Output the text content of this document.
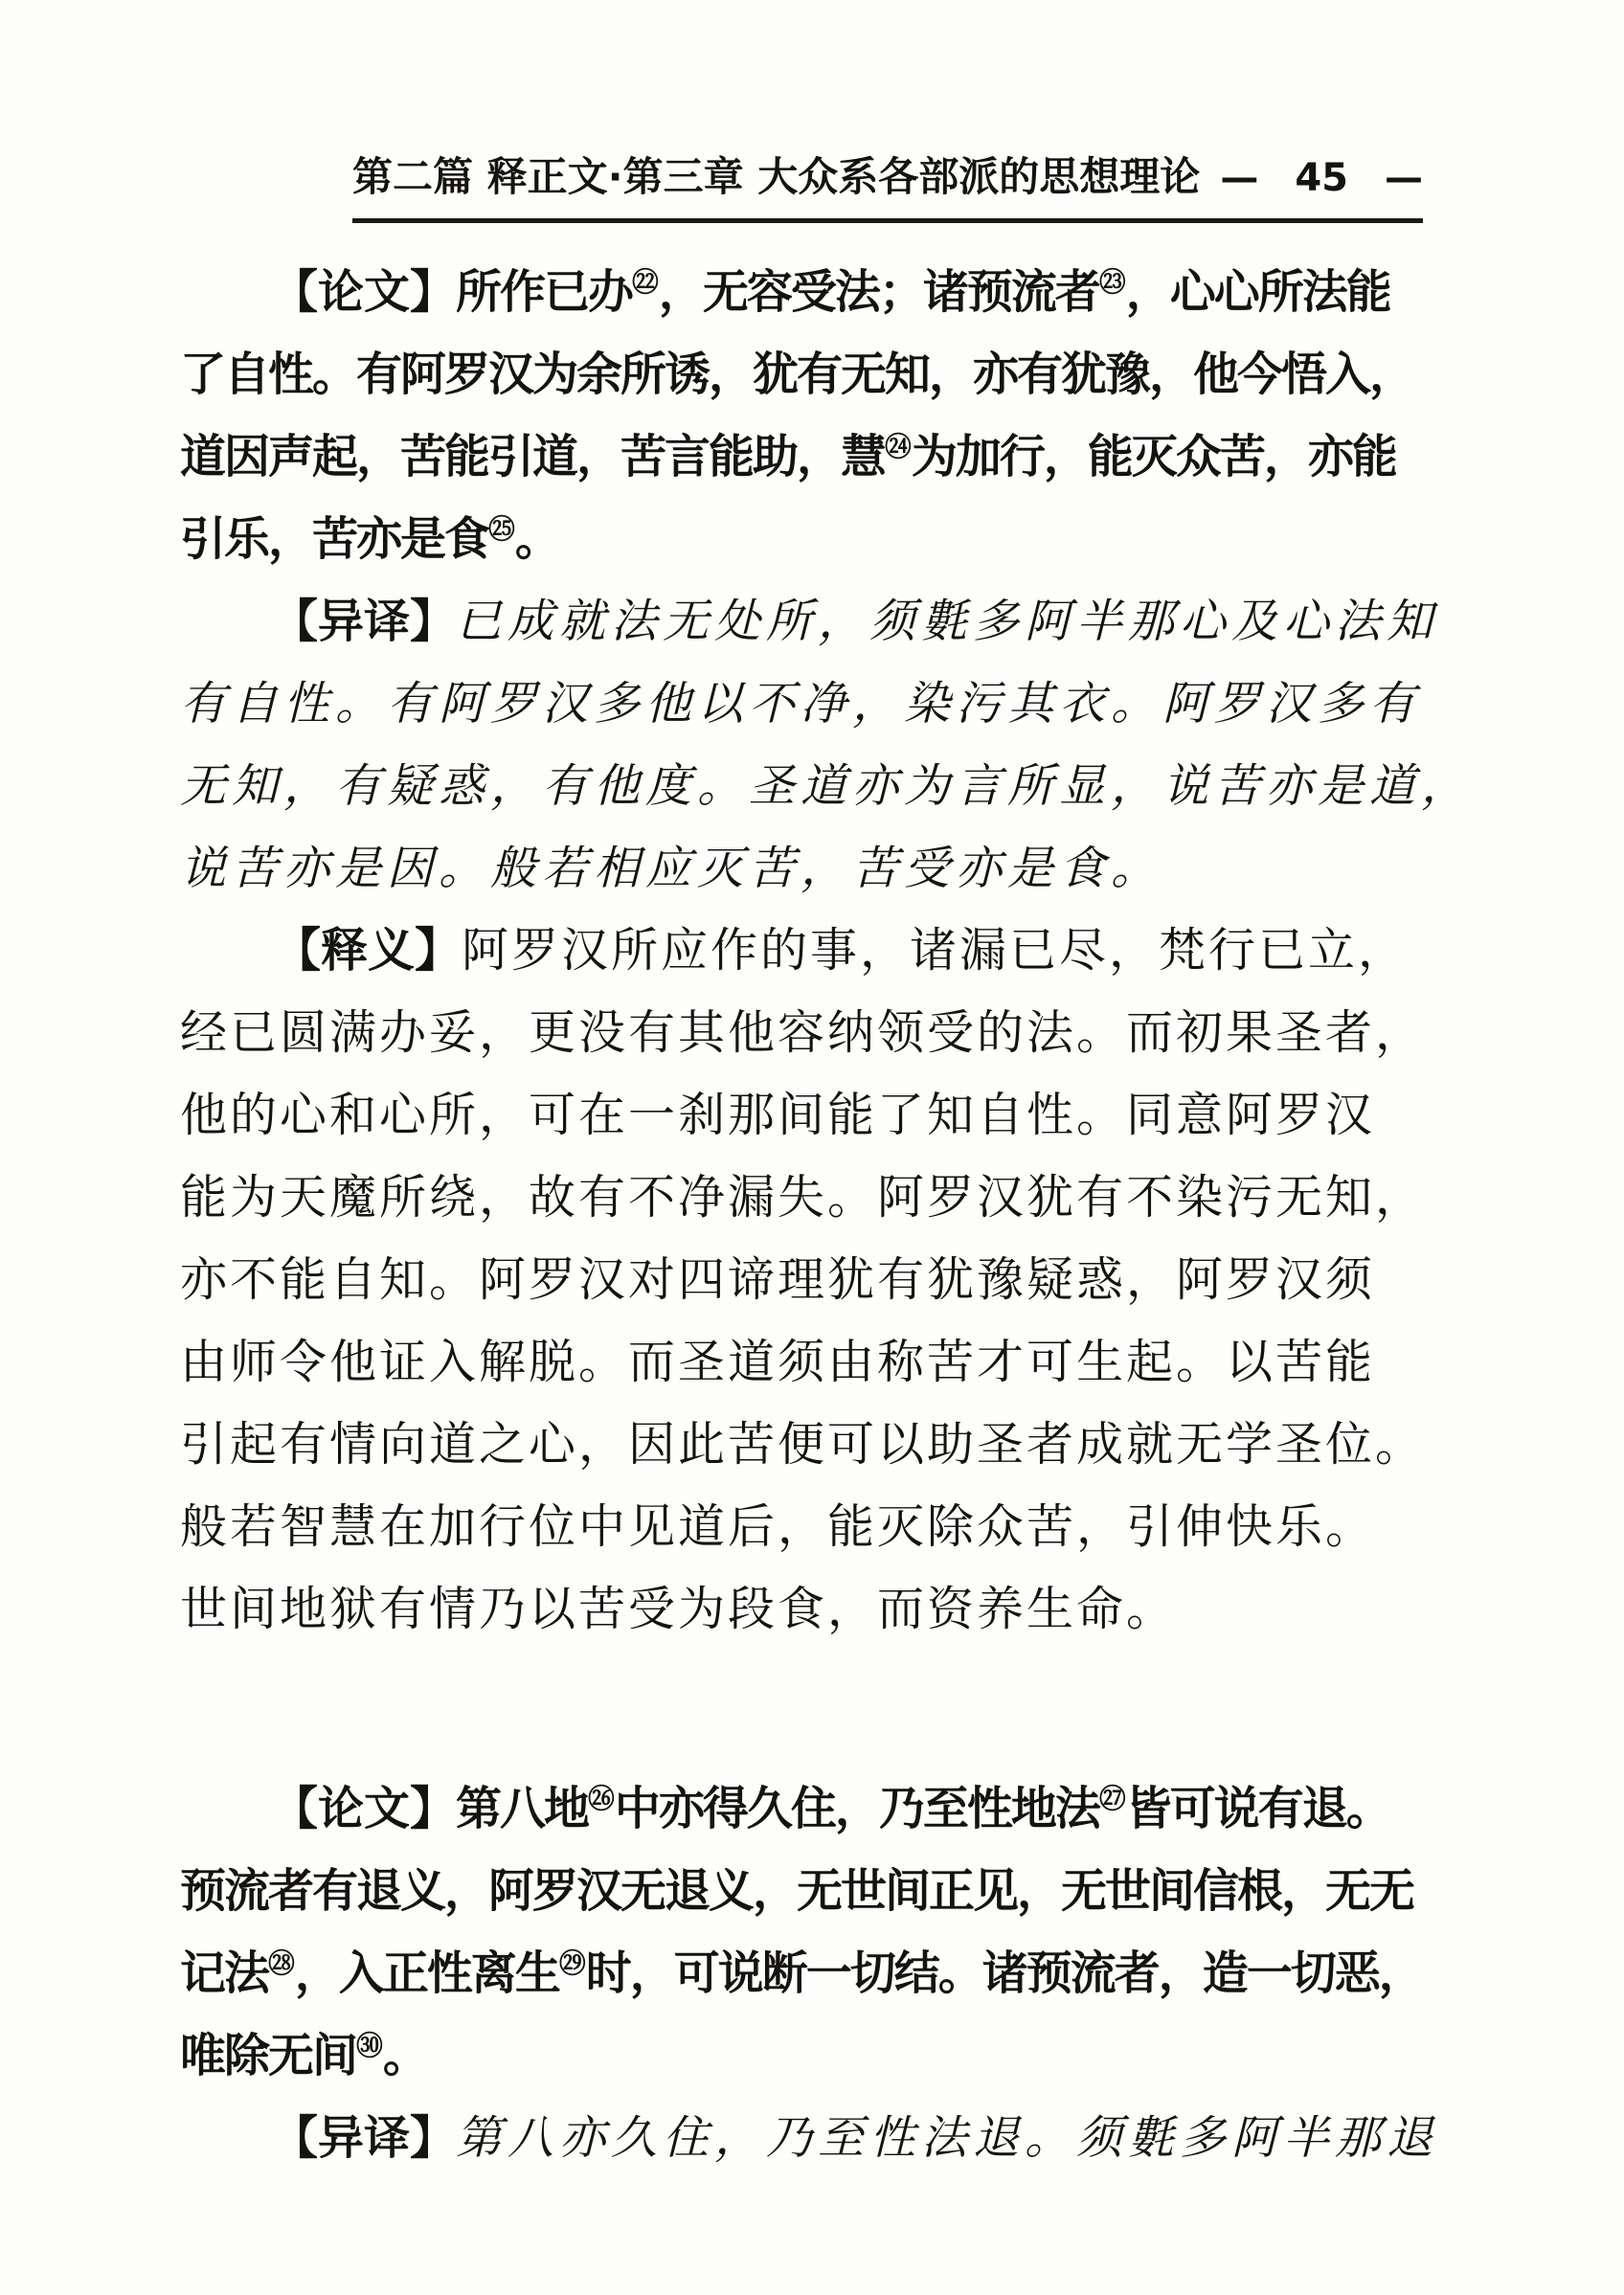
第二篇 释正文·第三章 大众系各部派的思想理论 — 45 —
【论文】所作已办$^㉒$，无容受法；诸预流者$^㉓$，心心所法能
了自性。有阿罗汉为余所诱，犹有无知，亦有犹豫，他今悟入，
道因声起，苦能引道，苦言能助，慧$^㉔$为加行，能灭众苦，亦能
引乐，苦亦是食$^㉕$。
【异译】已成就法无处所，须氀多阿半那心及心法知
有自性。有阿罗汉多他以不净，染污其衣。阿罗汉多有
无知，有疑惑，有他度。圣道亦为言所显，说苦亦是道，
说苦亦是因。般若相应灭苦，苦受亦是食。
【释义】阿罗汉所应作的事，诸漏已尽，梵行已立，
经已圆满办妥，更没有其他容纳领受的法。而初果圣者，
他的心和心所，可在一刹那间能了知自性。同意阿罗汉
能为天魔所绕，故有不净漏失。阿罗汉犹有不染污无知，
亦不能自知。阿罗汉对四谛理犹有犹豫疑惑，阿罗汉须
由师令他证入解脱。而圣道须由称苦才可生起。以苦能
引起有情向道之心，因此苦便可以助圣者成就无学圣位。
般若智慧在加行位中见道后，能灭除众苦，引伸快乐。
世间地狱有情乃以苦受为段食，而资养生命。
【论文】第八地$^㉖$中亦得久住，乃至性地法$^㉗$皆可说有退。
预流者有退义，阿罗汉无退义，无世间正见，无世间信根，无无
记法$^㉘$，入正性离生$^㉙$时，可说断一切结。诸预流者，造一切恶，
唯除无间$^㉚$。
【异译】第八亦久住，乃至性法退。须氀多阿半那退
